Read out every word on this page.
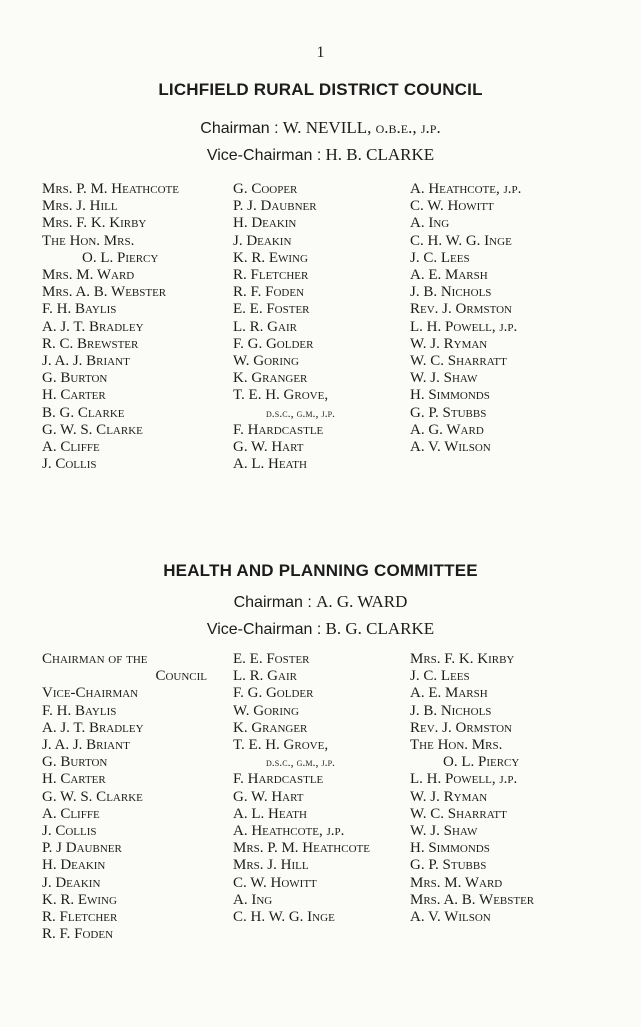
1
LICHFIELD RURAL DISTRICT COUNCIL
Chairman : W. NEVILL, o.b.e., j.p.
Vice-Chairman : H. B. CLARKE
Mrs. P. M. Heathcote
Mrs. J. Hill
Mrs. F. K. Kirby
The Hon. Mrs.
O. L. Piercy
Mrs. M. Ward
Mrs. A. B. Webster
F. H. Baylis
A. J. T. Bradley
R. C. Brewster
J. A. J. Briant
G. Burton
H. Carter
B. G. Clarke
G. W. S. Clarke
A. Cliffe
J. Collis
G. Cooper
P. J. Daubner
H. Deakin
J. Deakin
K. R. Ewing
R. Fletcher
R. F. Foden
E. E. Foster
L. R. Gair
F. G. Golder
W. Goring
K. Granger
T. E. H. Grove,
d.s.c., g.m., j.p.
F. Hardcastle
G. W. Hart
A. L. Heath
A. Heathcote, j.p.
C. W. Howitt
A. Ing
C. H. W. G. Inge
J. C. Lees
A. E. Marsh
J. B. Nichols
Rev. J. Ormston
L. H. Powell, j.p.
W. J. Ryman
W. C. Sharratt
W. J. Shaw
H. Simmonds
G. P. Stubbs
A. G. Ward
A. V. Wilson
HEALTH AND PLANNING COMMITTEE
Chairman : A. G. WARD
Vice-Chairman : B. G. CLARKE
Chairman of the
Council
Vice-Chairman
F. H. Baylis
A. J. T. Bradley
J. A. J. Briant
G. Burton
H. Carter
G. W. S. Clarke
A. Cliffe
J. Collis
P. J Daubner
H. Deakin
J. Deakin
K. R. Ewing
R. Fletcher
R. F. Foden
E. E. Foster
L. R. Gair
F. G. Golder
W. Goring
K. Granger
T. E. H. Grove,
d.s.c., g.m., j.p.
F. Hardcastle
G. W. Hart
A. L. Heath
A. Heathcote, j.p.
Mrs. P. M. Heathcote
Mrs. J. Hill
C. W. Howitt
A. Ing
C. H. W. G. Inge
Mrs. F. K. Kirby
J. C. Lees
A. E. Marsh
J. B. Nichols
Rev. J. Ormston
The Hon. Mrs.
O. L. Piercy
L. H. Powell, j.p.
W. J. Ryman
W. C. Sharratt
W. J. Shaw
H. Simmonds
G. P. Stubbs
Mrs. M. Ward
Mrs. A. B. Webster
A. V. Wilson
